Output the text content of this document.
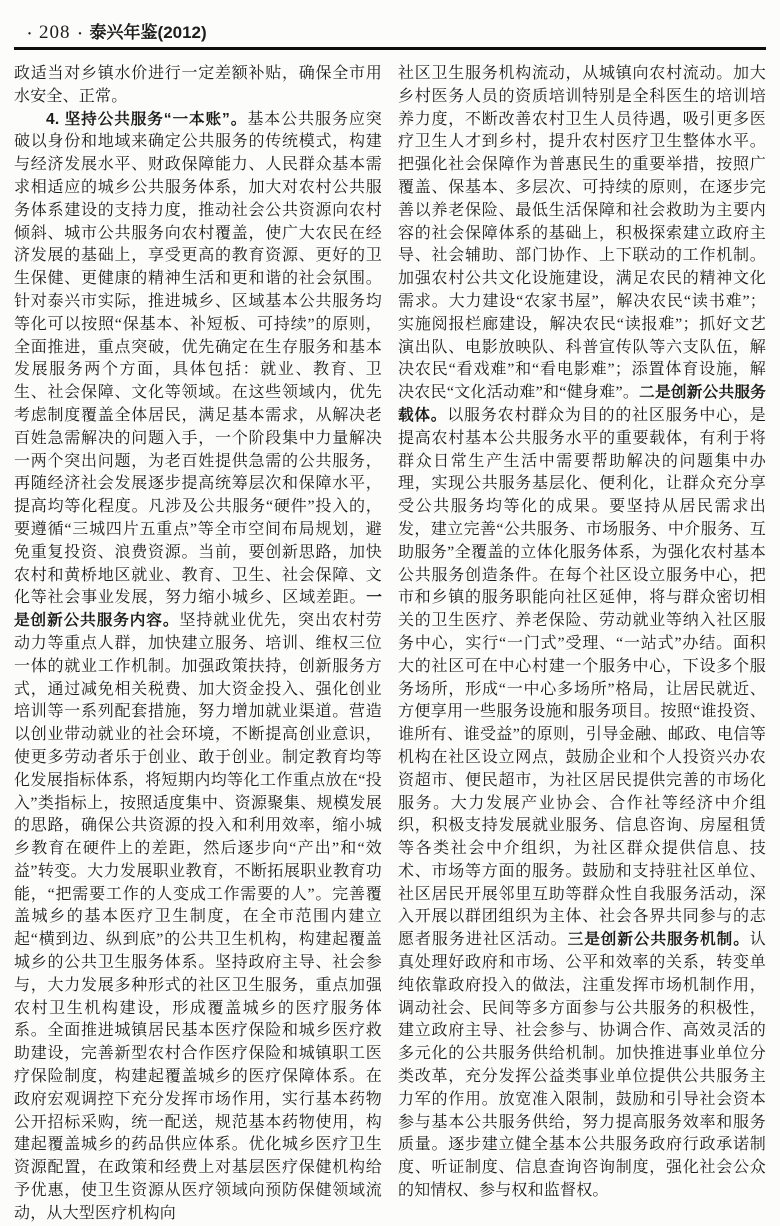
· 208 · 泰兴年鉴(2012)

政适当对乡镇水价进行一定差额补贴，确保全市用水安全、正常。

4. 坚持公共服务“一本账”。基本公共服务应突破以身份和地域来确定公共服务的传统模式，构建与经济发展水平、财政保障能力、人民群众基本需求相适应的城乡公共服务体系，加大对农村公共服务体系建设的支持力度，推动社会公共资源向农村倾斜、城市公共服务向农村覆盖，使广大农民在经济发展的基础上，享受更高的教育资源、更好的卫生保健、更健康的精神生活和更和谐的社会氛围。针对泰兴市实际，推进城乡、区域基本公共服务均等化可以按照“保基本、补短板、可持续”的原则，全面推进，重点突破，优先确定在生存服务和基本发展服务两个方面，具体包括：就业、教育、卫生、社会保障、文化等领域。在这些领域内，优先考虑制度覆盖全体居民，满足基本需求，从解决老百姓急需解决的问题入手，一个阶段集中力量解决一两个突出问题，为老百姓提供急需的公共服务，再随经济社会发展逐步提高统筹层次和保障水平，提高均等化程度。凡涉及公共服务“硬件”投入的，要遵循“三城四片五重点”等全市空间布局规划，避免重复投资、浪费资源。当前，要创新思路，加快农村和黄桥地区就业、教育、卫生、社会保障、文化等社会事业发展，努力缩小城乡、区域差距。一是创新公共服务内容。坚持就业优先，突出农村劳动力等重点人群，加快建立服务、培训、维权三位一体的就业工作机制。加强政策扶持，创新服务方式，通过减免相关税费、加大资金投入、强化创业培训等一系列配套措施，努力增加就业渠道。营造以创业带动就业的社会环境，不断提高创业意识，使更多劳动者乐于创业、敢于创业。制定教育均等化发展指标体系，将短期内均等化工作重点放在“投入”类指标上，按照适度集中、资源聚集、规模发展的思路，确保公共资源的投入和利用效率，缩小城乡教育在硬件上的差距，然后逐步向“产出”和“效益”转变。大力发展职业教育，不断拓展职业教育功能，“把需要工作的人变成工作需要的人”。完善覆盖城乡的基本医疗卫生制度，在全市范围内建立起“横到边、纵到底”的公共卫生机构，构建起覆盖城乡的公共卫生服务体系。坚持政府主导、社会参与，大力发展多种形式的社区卫生服务，重点加强农村卫生机构建设，形成覆盖城乡的医疗服务体系。全面推进城镇居民基本医疗保险和城乡医疗救助建设，完善新型农村合作医疗保险和城镇职工医疗保险制度，构建起覆盖城乡的医疗保障体系。在政府宏观调控下充分发挥市场作用，实行基本药物公开招标采购，统一配送，规范基本药物使用，构建起覆盖城乡的药品供应体系。优化城乡医疗卫生资源配置，在政策和经费上对基层医疗保健机构给予优惠，使卫生资源从医疗领域向预防保健领域流动，从大型医疗机构向

社区卫生服务机构流动，从城镇向农村流动。加大乡村医务人员的资质培训特别是全科医生的培训培养力度，不断改善农村卫生人员待遇，吸引更多医疗卫生人才到乡村，提升农村医疗卫生整体水平。把强化社会保障作为普惠民生的重要举措，按照广覆盖、保基本、多层次、可持续的原则，在逐步完善以养老保险、最低生活保障和社会救助为主要内容的社会保障体系的基础上，积极探索建立政府主导、社会辅助、部门协作、上下联动的工作机制。加强农村公共文化设施建设，满足农民的精神文化需求。大力建设“农家书屋”，解决农民“读书难”；实施阅报栏廊建设，解决农民“读报难”；抓好文艺演出队、电影放映队、科普宣传队等六支队伍，解决农民“看戏难”和“看电影难”；添置体育设施，解决农民“文化活动难”和“健身难”。二是创新公共服务载体。以服务农村群众为目的的社区服务中心，是提高农村基本公共服务水平的重要载体，有利于将群众日常生产生活中需要帮助解决的问题集中办理，实现公共服务基层化、便利化，让群众充分享受公共服务均等化的成果。要坚持从居民需求出发，建立完善“公共服务、市场服务、中介服务、互助服务”全覆盖的立体化服务体系，为强化农村基本公共服务创造条件。在每个社区设立服务中心，把市和乡镇的服务职能向社区延伸，将与群众密切相关的卫生医疗、养老保险、劳动就业等纳入社区服务中心，实行“一门式”受理、“一站式”办结。面积大的社区可在中心村建一个服务中心，下设多个服务场所，形成“一中心多场所”格局，让居民就近、方便享用一些服务设施和服务项目。按照“谁投资、谁所有、谁受益”的原则，引导金融、邮政、电信等机构在社区设立网点，鼓励企业和个人投资兴办农资超市、便民超市，为社区居民提供完善的市场化服务。大力发展产业协会、合作社等经济中介组织，积极支持发展就业服务、信息咨询、房屋租赁等各类社会中介组织，为社区群众提供信息、技术、市场等方面的服务。鼓励和支持驻社区单位、社区居民开展邻里互助等群众性自我服务活动，深入开展以群团组织为主体、社会各界共同参与的志愿者服务进社区活动。三是创新公共服务机制。认真处理好政府和市场、公平和效率的关系，转变单纯依靠政府投入的做法，注重发挥市场机制作用，调动社会、民间等多方面参与公共服务的积极性，建立政府主导、社会参与、协调合作、高效灵活的多元化的公共服务供给机制。加快推进事业单位分类改革，充分发挥公益类事业单位提供公共服务主力军的作用。放宽准入限制，鼓励和引导社会资本参与基本公共服务供给，努力提高服务效率和服务质量。逐步建立健全基本公共服务政府行政承诺制度、听证制度、信息查询咨询制度，强化社会公众的知情权、参与权和监督权。
